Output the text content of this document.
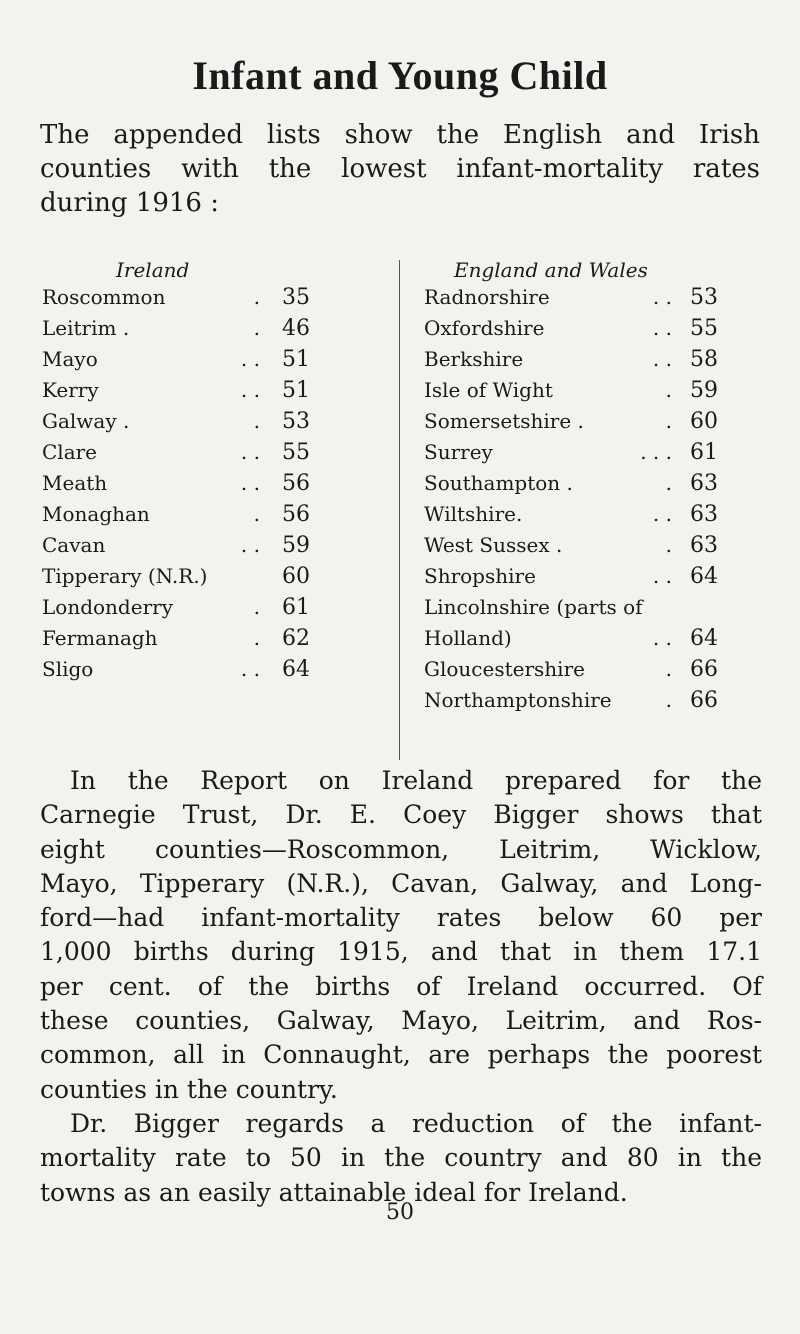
Infant and Young Child
The appended lists show the English and Irish
counties with the lowest infant-mortality rates
during 1916 :
Ireland	England and Wales
Roscommon	. 35
Leitrim .	. 46
Mayo	. . 51
Kerry	. . 51
Galway .	. 53
Clare	. . 55
Meath	. . 56
Monaghan	. 56
Cavan	. . 59
Tipperary (N.R.)	60
Londonderry	. 61
Fermanagh	. 62
Sligo	. . 64
Radnorshire	. . 53
Oxfordshire	. . 55
Berkshire	. . 58
Isle of Wight	. 59
Somersetshire .	. 60
Surrey	. . . 61
Southampton .	. 63
Wiltshire.	. . 63
West Sussex .	. 63
Shropshire	. . 64
Lincolnshire (parts of
Holland)	. . 64
Gloucestershire	. 66
Northamptonshire	. 66
In the Report on Ireland prepared for the
Carnegie Trust, Dr. E. Coey Bigger shows that
eight counties—Roscommon, Leitrim, Wicklow,
Mayo, Tipperary (N.R.), Cavan, Galway, and Long-
ford—had infant-mortality rates below 60 per
1,000 births during 1915, and that in them 17.1
per cent. of the births of Ireland occurred. Of
these counties, Galway, Mayo, Leitrim, and Ros-
common, all in Connaught, are perhaps the poorest
counties in the country.
Dr. Bigger regards a reduction of the infant-
mortality rate to 50 in the country and 80 in the
towns as an easily attainable ideal for Ireland.
50
